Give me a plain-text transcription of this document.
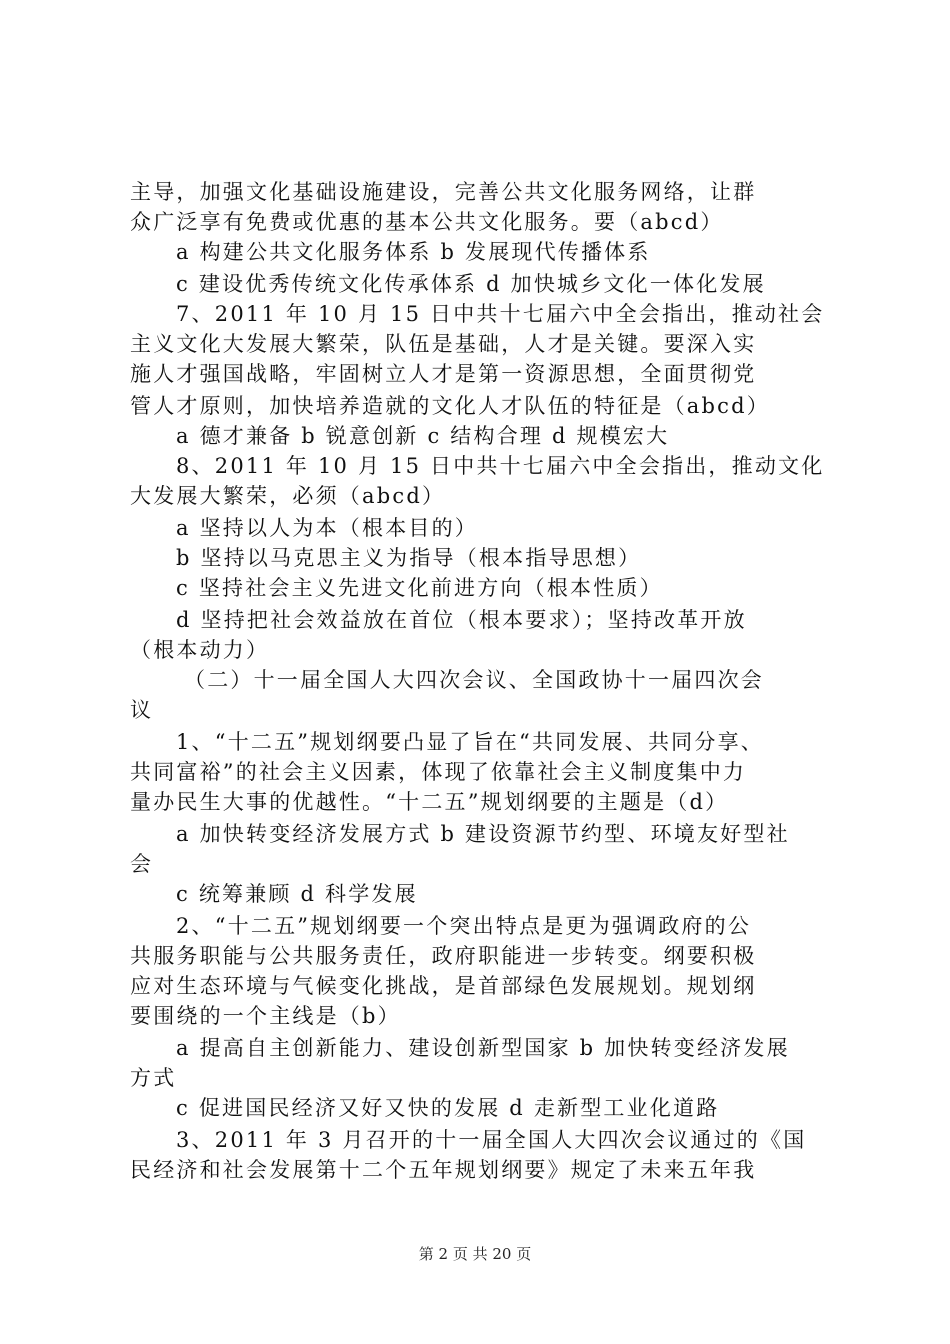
主导，加强文化基础设施建设，完善公共文化服务网络，让群
众广泛享有免费或优惠的基本公共文化服务。要（abcd）
a 构建公共文化服务体系 b 发展现代传播体系
c 建设优秀传统文化传承体系 d 加快城乡文化一体化发展
7、2011 年 10 月 15 日中共十七届六中全会指出，推动社会
主义文化大发展大繁荣，队伍是基础，人才是关键。要深入实
施人才强国战略，牢固树立人才是第一资源思想，全面贯彻党
管人才原则，加快培养造就的文化人才队伍的特征是（abcd）
a 德才兼备 b 锐意创新 c 结构合理 d 规模宏大
8、2011 年 10 月 15 日中共十七届六中全会指出，推动文化
大发展大繁荣，必须（abcd）
a 坚持以人为本（根本目的）
b 坚持以马克思主义为指导（根本指导思想）
c 坚持社会主义先进文化前进方向（根本性质）
d 坚持把社会效益放在首位（根本要求）；坚持改革开放
（根本动力）
（二）十一届全国人大四次会议、全国政协十一届四次会
议
1、“十二五”规划纲要凸显了旨在“共同发展、共同分享、
共同富裕”的社会主义因素，体现了依靠社会主义制度集中力
量办民生大事的优越性。“十二五”规划纲要的主题是（d）
a 加快转变经济发展方式 b 建设资源节约型、环境友好型社
会
c 统筹兼顾 d 科学发展
2、“十二五”规划纲要一个突出特点是更为强调政府的公
共服务职能与公共服务责任，政府职能进一步转变。纲要积极
应对生态环境与气候变化挑战，是首部绿色发展规划。规划纲
要围绕的一个主线是（b）
a 提高自主创新能力、建设创新型国家 b 加快转变经济发展
方式
c 促进国民经济又好又快的发展 d 走新型工业化道路
3、2011 年 3 月召开的十一届全国人大四次会议通过的《国
民经济和社会发展第十二个五年规划纲要》规定了未来五年我
第 2 页 共 20 页
